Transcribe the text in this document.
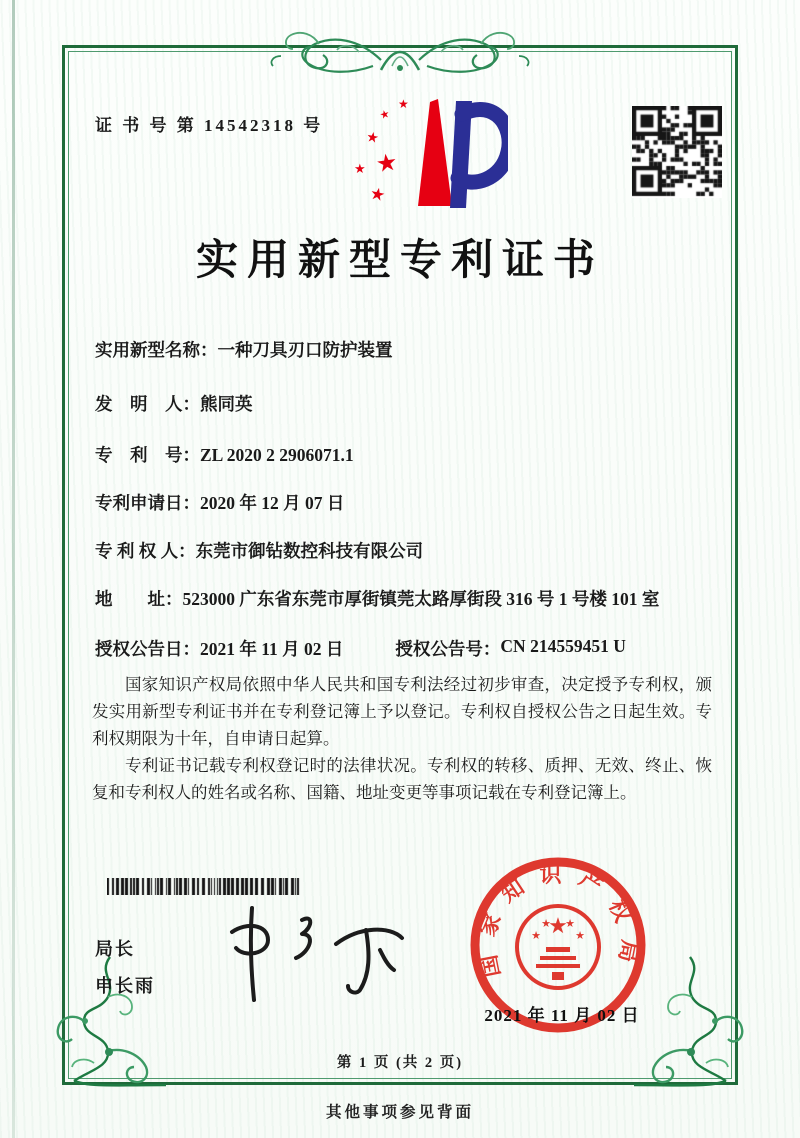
证 书 号 第 14542318 号
★
★
★
★
★
★
实用新型专利证书
实用新型名称： 一种刀具刃口防护装置
发　明　人： 熊同英
专　利　号： ZL 2020 2 2906071.1
专利申请日： 2020 年 12 月 07 日
专 利 权 人： 东莞市御钻数控科技有限公司
地　　址： 523000 广东省东莞市厚街镇莞太路厚街段 316 号 1 号楼 101 室
授权公告日： 2021 年 11 月 02 日	授权公告号： CN 214559451 U

国家知识产权局依照中华人民共和国专利法经过初步审查，决定授予专利权，颁发实用新型专利证书并在专利登记簿上予以登记。专利权自授权公告之日起生效。专利权期限为十年，自申请日起算。

专利证书记载专利权登记时的法律状况。专利权的转移、质押、无效、终止、恢复和专利权人的姓名或名称、国籍、地址变更等事项记载在专利登记簿上。

局长
申长雨
国家知识产权局
★
★
★ ★
★
2021 年 11 月 02 日
第 1 页 (共 2 页)
其他事项参见背面
